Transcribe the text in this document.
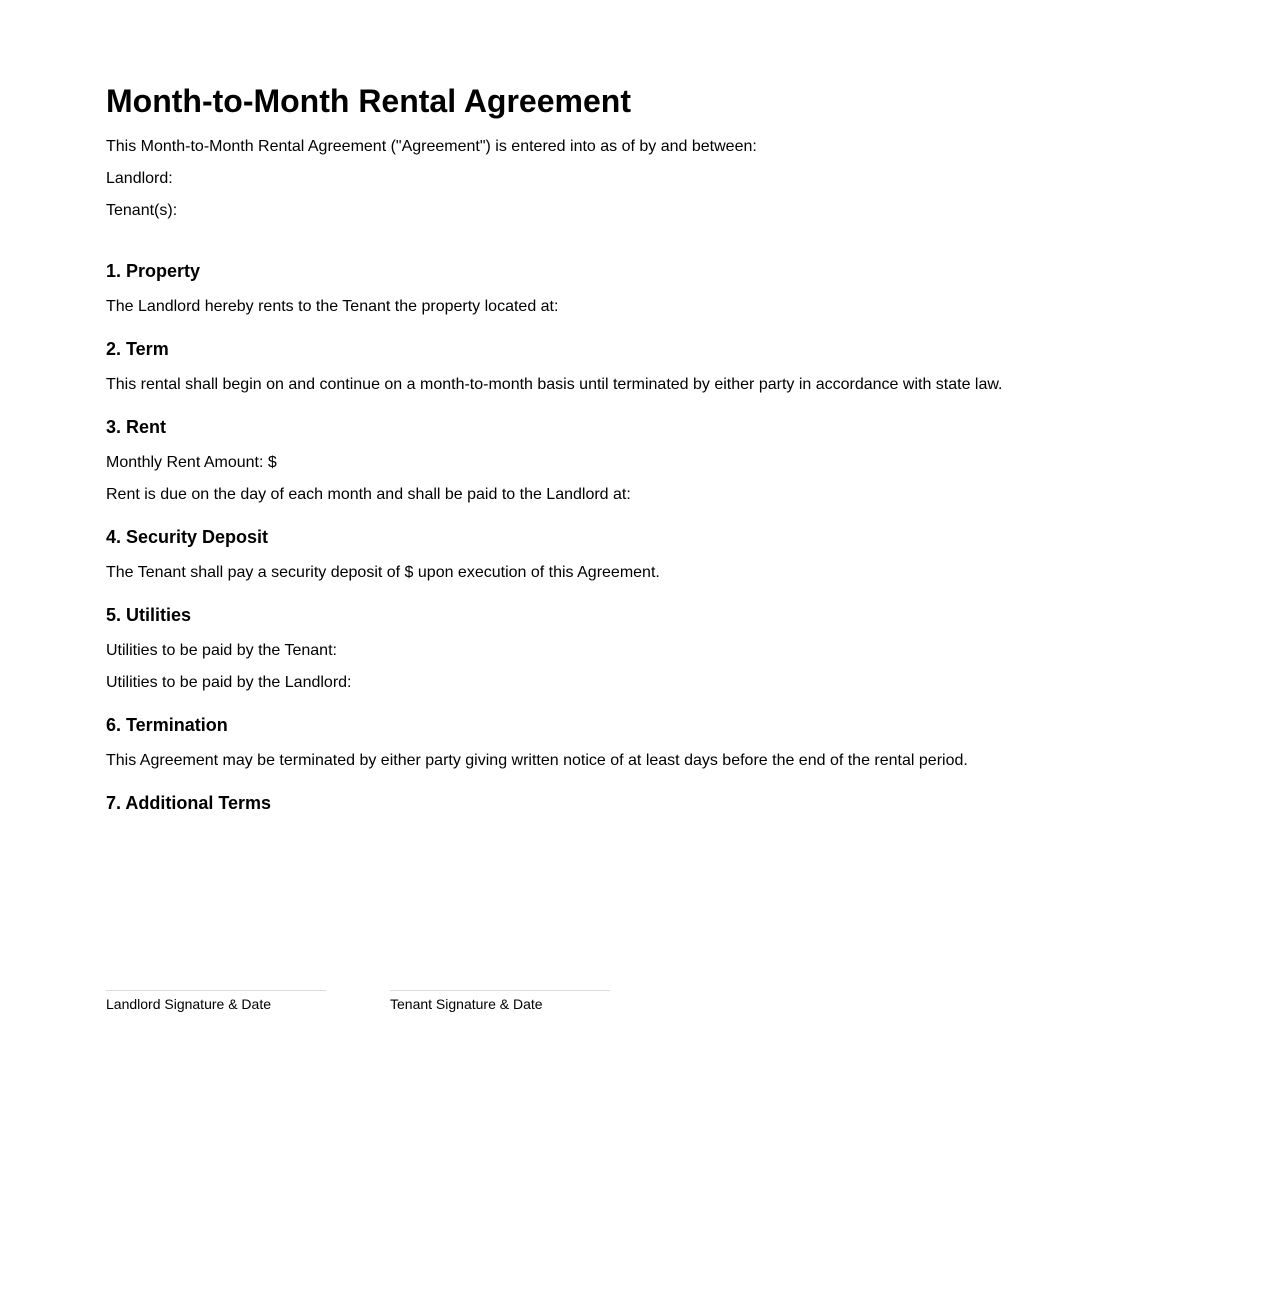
Month-to-Month Rental Agreement

This Month-to-Month Rental Agreement ("Agreement") is entered into as of by and between:

Landlord:

Tenant(s):

1. Property

The Landlord hereby rents to the Tenant the property located at:

2. Term

This rental shall begin on and continue on a month-to-month basis until terminated by either party in accordance with state law.

3. Rent

Monthly Rent Amount: $

Rent is due on the day of each month and shall be paid to the Landlord at:

4. Security Deposit

The Tenant shall pay a security deposit of $ upon execution of this Agreement.

5. Utilities

Utilities to be paid by the Tenant:

Utilities to be paid by the Landlord:

6. Termination

This Agreement may be terminated by either party giving written notice of at least days before the end of the rental period.

7. Additional Terms
Landlord Signature & Date	Tenant Signature & Date
